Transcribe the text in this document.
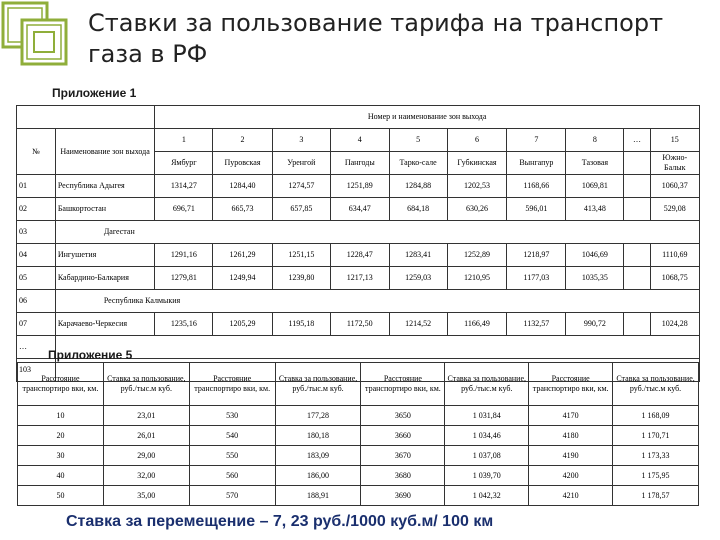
Ставки за пользование тарифа на транспорт газа в РФ
Приложение 1
		Номер и наименование зон выхода									
№	Наименование зон выхода	1	2	3	4	5	6	7	8	…	15
		Ямбург	Пуровская	Уренгой	Пангоды	Тарко-сале	Губкинская	Вынгапур	Тазовая		Южно-Балык
01	Республика Адыгея	1314,27	1284,40	1274,57	1251,89	1284,88	1202,53	1168,66	1069,81		1060,37
02	Башкортостан	696,71	665,73	657,85	634,47	684,18	630,26	596,01	413,48		529,08
03	Дагестан										
04	Ингушетия	1291,16	1261,29	1251,15	1228,47	1283,41	1252,89	1218,97	1046,69		1110,69
05	Кабардино-Балкария	1279,81	1249,94	1239,80	1217,13	1259,03	1210,95	1177,03	1035,35		1068,75
06	Республика Калмыкия										
07	Карачаево-Черкесия	1235,16	1205,29	1195,18	1172,50	1214,52	1166,49	1132,57	990,72		1024,28
…											
103											
Приложение 5
Расстояние транспортиро вки, км.	Ставка за пользование, руб./тыс.м куб.	Расстояние транспортиро вки, км.	Ставка за пользование, руб./тыс.м куб.	Расстояние транспортиро вки, км.	Ставка за пользование, руб./тыс.м куб.	Расстояние транспортиро вки, км.	Ставка за пользование, руб./тыс.м куб.
10	23,01	530	177,28	3650	1 031,84	4170	1 168,09
20	26,01	540	180,18	3660	1 034,46	4180	1 170,71
30	29,00	550	183,09	3670	1 037,08	4190	1 173,33
40	32,00	560	186,00	3680	1 039,70	4200	1 175,95
50	35,00	570	188,91	3690	1 042,32	4210	1 178,57
Ставка за перемещение – 7, 23 руб./1000 куб.м/ 100 км
